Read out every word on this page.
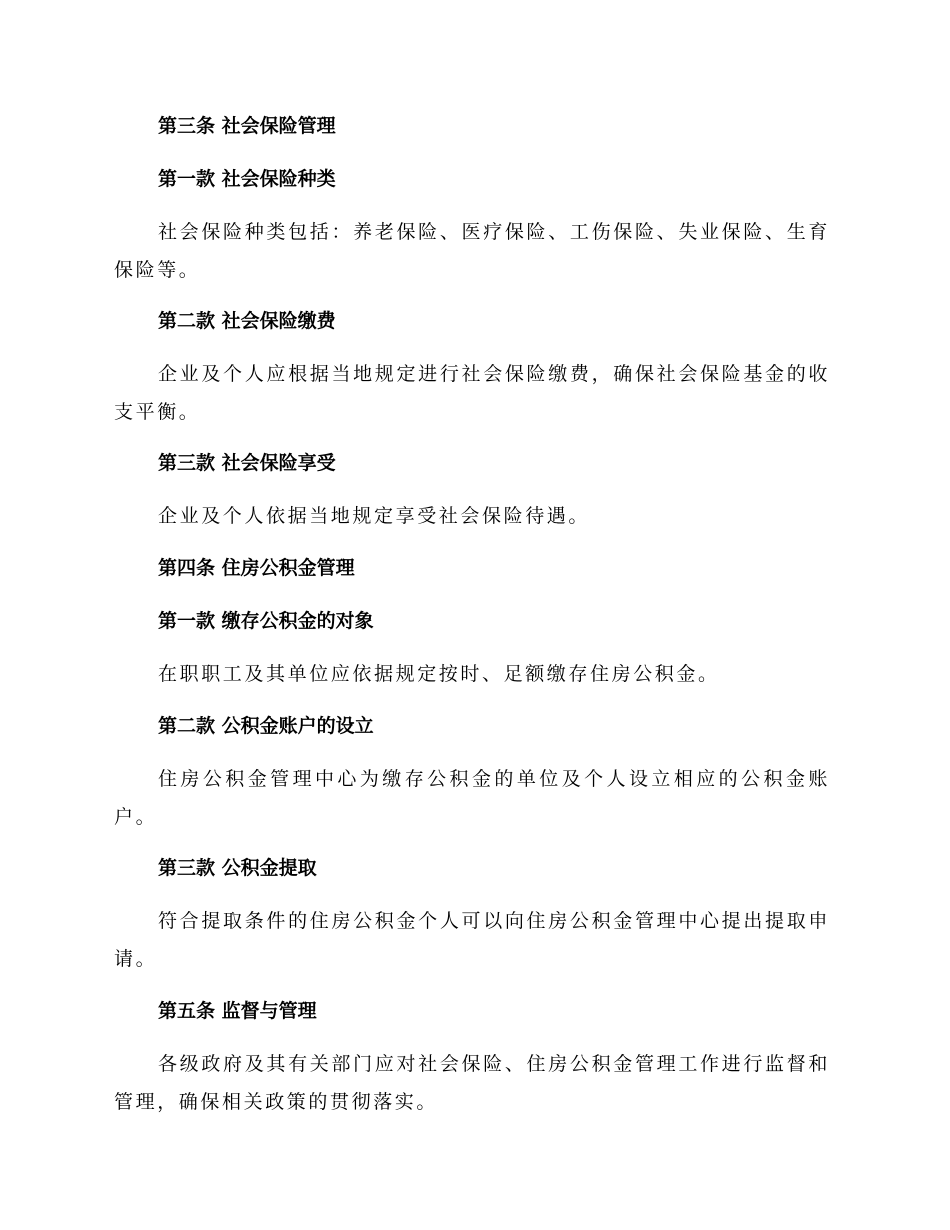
第三条 社会保险管理
第一款 社会保险种类
社会保险种类包括：养老保险、医疗保险、工伤保险、失业保险、生育保险等。
第二款 社会保险缴费
企业及个人应根据当地规定进行社会保险缴费，确保社会保险基金的收支平衡。
第三款 社会保险享受
企业及个人依据当地规定享受社会保险待遇。
第四条 住房公积金管理
第一款 缴存公积金的对象
在职职工及其单位应依据规定按时、足额缴存住房公积金。
第二款 公积金账户的设立
住房公积金管理中心为缴存公积金的单位及个人设立相应的公积金账户。
第三款 公积金提取
符合提取条件的住房公积金个人可以向住房公积金管理中心提出提取申请。
第五条 监督与管理
各级政府及其有关部门应对社会保险、住房公积金管理工作进行监督和管理，确保相关政策的贯彻落实。
